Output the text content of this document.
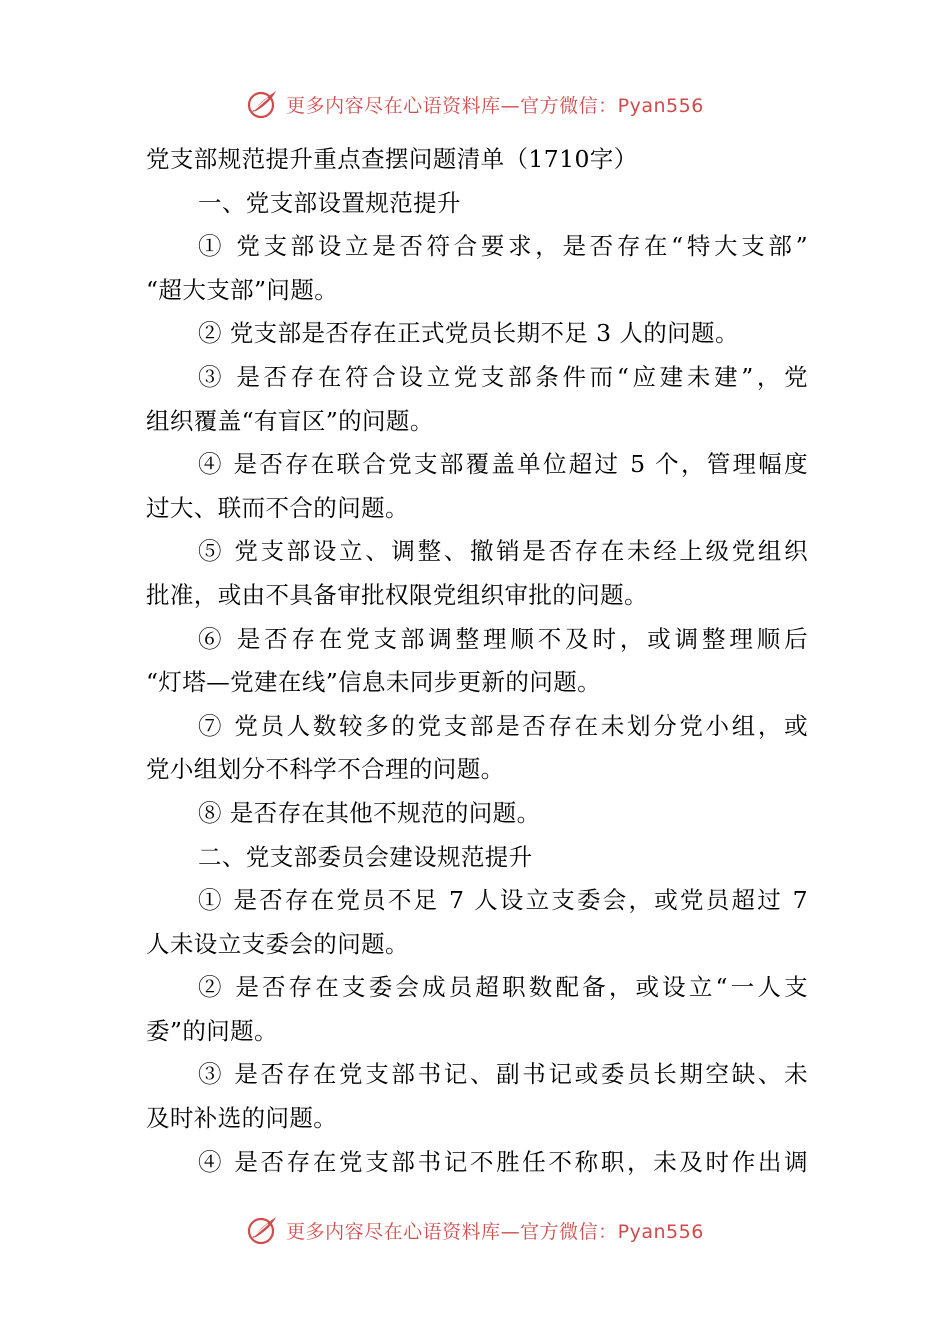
更多内容尽在心语资料库—官方微信：Pyan556
党支部规范提升重点查摆问题清单（1710字）
一、党支部设置规范提升
① 党支部设立是否符合要求，是否存在“特大支部”
“超大支部”问题。
② 党支部是否存在正式党员长期不足 3 人的问题。
③ 是否存在符合设立党支部条件而“应建未建”，党
组织覆盖“有盲区”的问题。
④ 是否存在联合党支部覆盖单位超过 5 个，管理幅度
过大、联而不合的问题。
⑤ 党支部设立、调整、撤销是否存在未经上级党组织
批准，或由不具备审批权限党组织审批的问题。
⑥ 是否存在党支部调整理顺不及时，或调整理顺后
“灯塔—党建在线”信息未同步更新的问题。
⑦ 党员人数较多的党支部是否存在未划分党小组，或
党小组划分不科学不合理的问题。
⑧ 是否存在其他不规范的问题。
二、党支部委员会建设规范提升
① 是否存在党员不足 7 人设立支委会，或党员超过 7
人未设立支委会的问题。
② 是否存在支委会成员超职数配备，或设立“一人支
委”的问题。
③ 是否存在党支部书记、副书记或委员长期空缺、未
及时补选的问题。
④ 是否存在党支部书记不胜任不称职，未及时作出调
更多内容尽在心语资料库—官方微信：Pyan556
